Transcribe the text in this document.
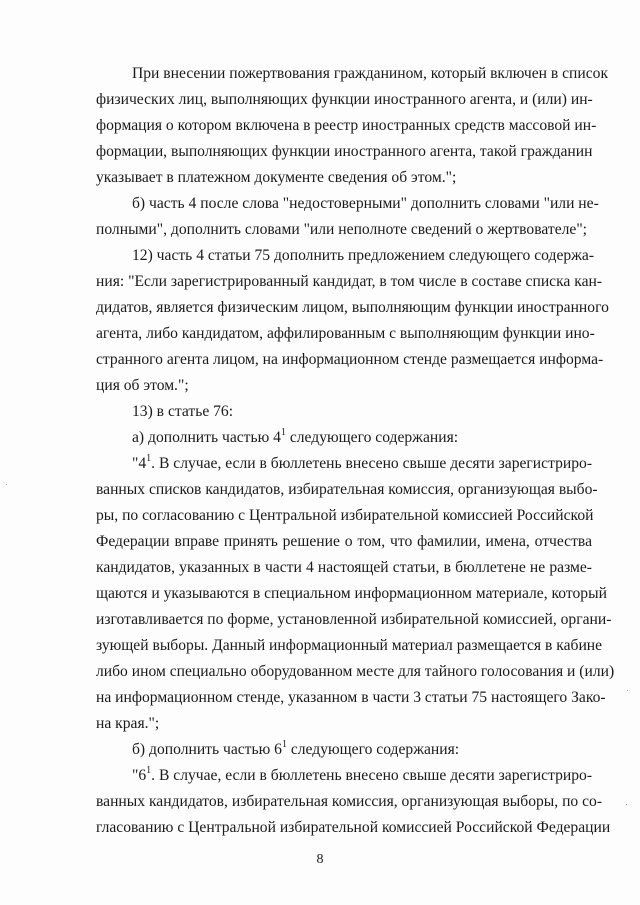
При внесении пожертвования гражданином, который включен в список
физических лиц, выполняющих функции иностранного агента, и (или) ин-
формация о котором включена в реестр иностранных средств массовой ин-
формации, выполняющих функции иностранного агента, такой гражданин
указывает в платежном документе сведения об этом.";
б) часть 4 после слова "недостоверными" дополнить словами "или не-
полными", дополнить словами "или неполноте сведений о жертвователе";
12) часть 4 статьи 75 дополнить предложением следующего содержа-
ния: "Если зарегистрированный кандидат, в том числе в составе списка кан-
дидатов, является физическим лицом, выполняющим функции иностранного
агента, либо кандидатом, аффилированным с выполняющим функции ино-
странного агента лицом, на информационном стенде размещается информа-
ция об этом.";
13) в статье 76:
а) дополнить частью $4^1$ следующего содержания:
"$4^1$. В случае, если в бюллетень внесено свыше десяти зарегистриро-
ванных списков кандидатов, избирательная комиссия, организующая выбо-
ры, по согласованию с Центральной избирательной комиссией Российской
Федерации вправе принять решение о том, что фамилии, имена, отчества
кандидатов, указанных в части 4 настоящей статьи, в бюллетене не разме-
щаются и указываются в специальном информационном материале, который
изготавливается по форме, установленной избирательной комиссией, органи-
зующей выборы. Данный информационный материал размещается в кабине
либо ином специально оборудованном месте для тайного голосования и (или)
на информационном стенде, указанном в части 3 статьи 75 настоящего Зако-
на края.";
б) дополнить частью $6^1$ следующего содержания:
"$6^1$. В случае, если в бюллетень внесено свыше десяти зарегистриро-
ванных кандидатов, избирательная комиссия, организующая выборы, по со-
гласованию с Центральной избирательной комиссией Российской Федерации
8
